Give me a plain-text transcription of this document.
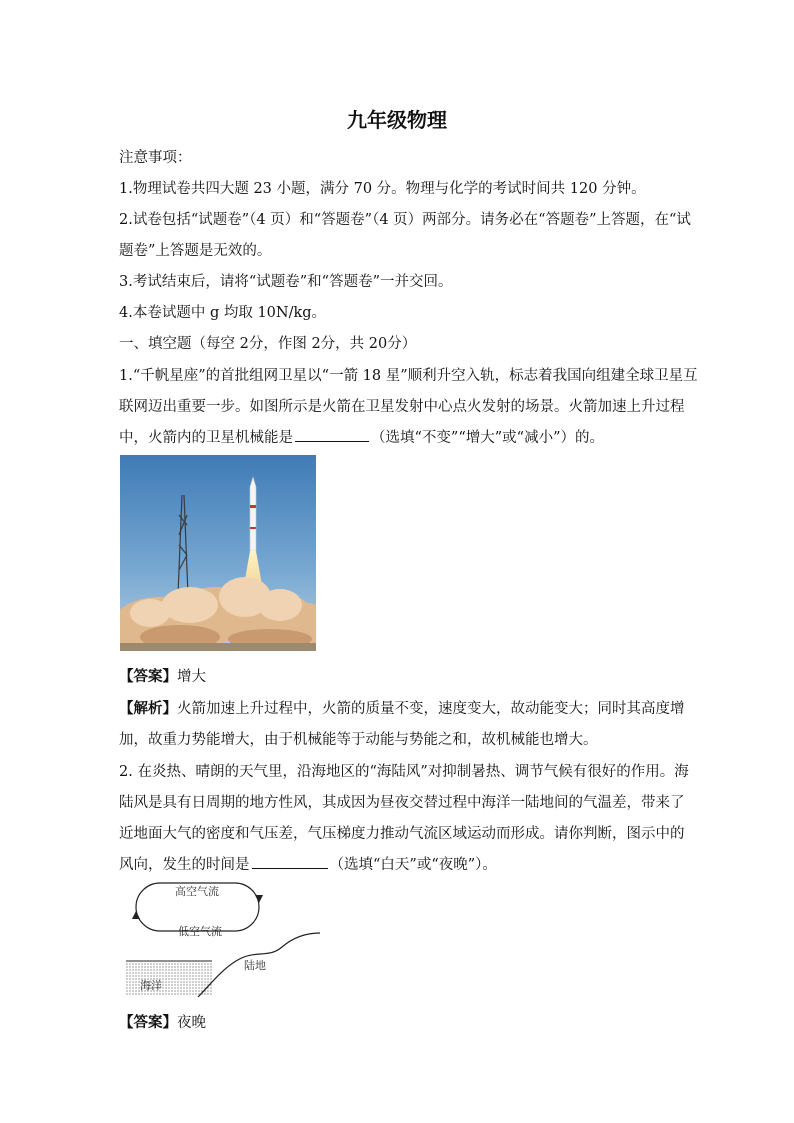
九年级物理
注意事项：
1.物理试卷共四大题 23 小题，满分 70 分。物理与化学的考试时间共 120 分钟。
2.试卷包括“试题卷”（4 页）和“答题卷”（4 页）两部分。请务必在“答题卷”上答题，在“试
题卷”上答题是无效的。
3.考试结束后，请将“试题卷”和“答题卷”一并交回。
4.本卷试题中 g 均取 10N/kg。
一、填空题（每空 2分，作图 2分，共 20分）
1.“千帆星座”的首批组网卫星以“一箭 18 星”顺利升空入轨，标志着我国向组建全球卫星互
联网迈出重要一步。如图所示是火箭在卫星发射中心点火发射的场景。火箭加速上升过程
中，火箭内的卫星机械能是	（选填“不变”“增大”或“减小”）的。
【答案】增大
【解析】火箭加速上升过程中，火箭的质量不变，速度变大，故动能变大；同时其高度增
加，故重力势能增大，由于机械能等于动能与势能之和，故机械能也增大。
2. 在炎热、晴朗的天气里，沿海地区的“海陆风”对抑制暑热、调节气候有很好的作用。海
陆风是具有日周期的地方性风，其成因为昼夜交替过程中海洋一陆地间的气温差，带来了
近地面大气的密度和气压差，气压梯度力推动气流区域运动而形成。请你判断，图示中的
风向，发生的时间是	（选填“白天”或“夜晚”）。
高空气流
低空气流
海洋
陆地
【答案】夜晚
